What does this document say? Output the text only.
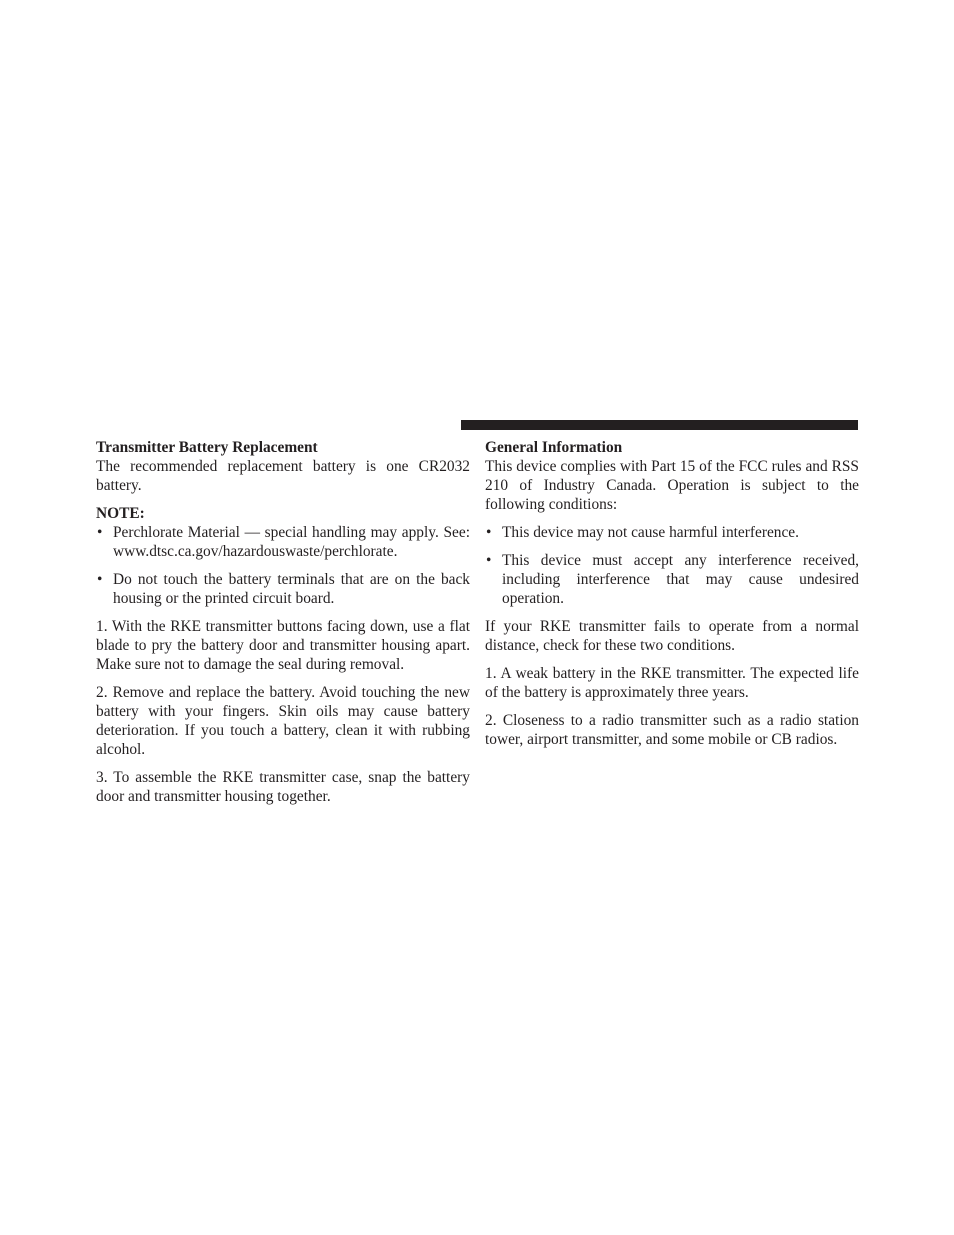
Transmitter Battery Replacement

The recommended replacement battery is one CR2032 battery.

NOTE:

• Perchlorate Material — special handling may apply. See: www.dtsc.ca.gov/hazardouswaste/perchlorate.
• Do not touch the battery terminals that are on the back housing or the printed circuit board.

1. With the RKE transmitter buttons facing down, use a flat blade to pry the battery door and transmitter housing apart. Make sure not to damage the seal during removal.

2. Remove and replace the battery. Avoid touching the new battery with your fingers. Skin oils may cause battery deterioration. If you touch a battery, clean it with rubbing alcohol.

3. To assemble the RKE transmitter case, snap the battery door and transmitter housing together.

General Information

This device complies with Part 15 of the FCC rules and RSS 210 of Industry Canada. Operation is subject to the following conditions:

• This device may not cause harmful interference.
• This device must accept any interference received, including interference that may cause undesired operation.

If your RKE transmitter fails to operate from a normal distance, check for these two conditions.

1. A weak battery in the RKE transmitter. The expected life of the battery is approximately three years.

2. Closeness to a radio transmitter such as a radio station tower, airport transmitter, and some mobile or CB radios.
